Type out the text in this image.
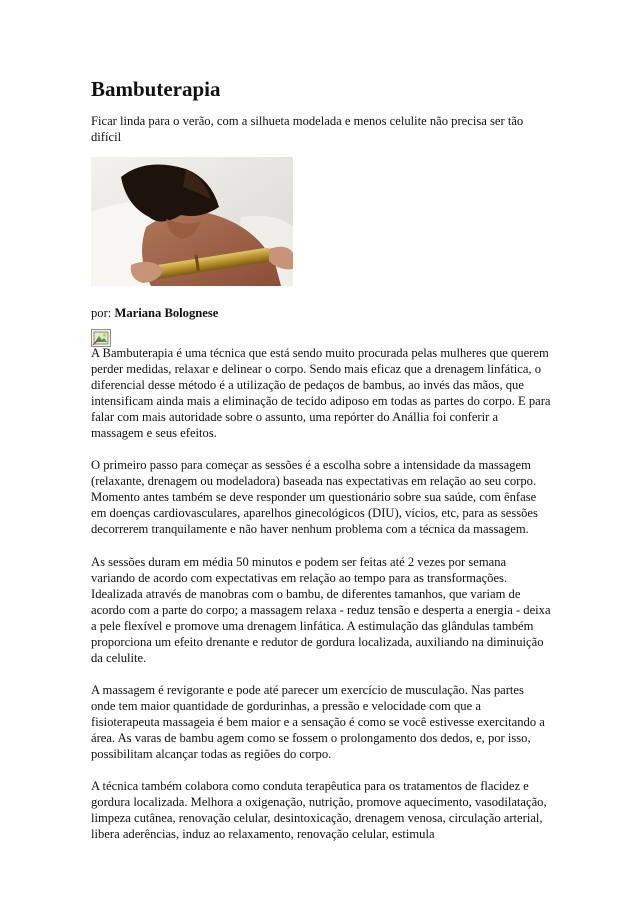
Bambuterapia

Ficar linda para o verão, com a silhueta modelada e menos celulite não precisa ser tão difícil

por: Mariana Bolognese

A Bambuterapia é uma técnica que está sendo muito procurada pelas mulheres que querem perder medidas, relaxar e delinear o corpo. Sendo mais eficaz que a drenagem linfática, o diferencial desse método é a utilização de pedaços de bambus, ao invés das mãos, que intensificam ainda mais a eliminação de tecido adiposo em todas as partes do corpo. E para falar com mais autoridade sobre o assunto, uma repórter do Anállia foi conferir a massagem e seus efeitos.

O primeiro passo para começar as sessões é a escolha sobre a intensidade da massagem (relaxante, drenagem ou modeladora) baseada nas expectativas em relação ao seu corpo. Momento antes também se deve responder um questionário sobre sua saúde, com ênfase em doenças cardiovasculares, aparelhos ginecológicos (DIU), vícios, etc, para as sessões decorrerem tranquilamente e não haver nenhum problema com a técnica da massagem.

As sessões duram em média 50 minutos e podem ser feitas até 2 vezes por semana variando de acordo com expectativas em relação ao tempo para as transformações. Idealizada através de manobras com o bambu, de diferentes tamanhos, que variam de acordo com a parte do corpo; a massagem relaxa - reduz tensão e desperta a energia - deixa a pele flexível e promove uma drenagem linfática. A estimulação das glândulas também proporciona um efeito drenante e redutor de gordura localizada, auxiliando na diminuição da celulite.

A massagem é revigorante e pode até parecer um exercício de musculação. Nas partes onde tem maior quantidade de gordurinhas, a pressão e velocidade com que a fisioterapeuta massageia é bem maior e a sensação é como se você estivesse exercitando a área. As varas de bambu agem como se fossem o prolongamento dos dedos, e, por isso, possibilitam alcançar todas as regiões do corpo.

A técnica também colabora como conduta terapêutica para os tratamentos de flacidez e gordura localizada. Melhora a oxigenação, nutrição, promove aquecimento, vasodilatação, limpeza cutânea, renovação celular, desintoxicação, drenagem venosa, circulação arterial, libera aderências, induz ao relaxamento, renovação celular, estimula
